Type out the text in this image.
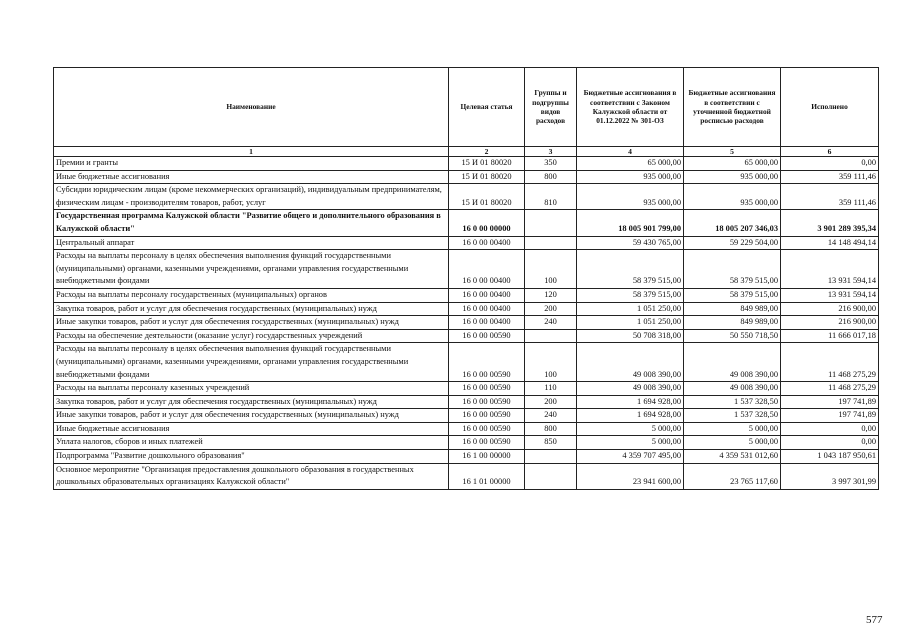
Наименование	Целевая статья	Группы и подгруппы видов расходов	Бюджетные ассигнования в соответствии с Законом Калужской области от 01.12.2022 № 301-ОЗ	Бюджетные ассигнования в соответствии с уточненной бюджетной росписью расходов	Исполнено
1	2	3	4	5	6
Премии и гранты	15 И 01 80020	350	65 000,00	65 000,00	0,00
Иные бюджетные ассигнования	15 И 01 80020	800	935 000,00	935 000,00	359 111,46
Субсидии юридическим лицам (кроме некоммерческих организаций), индивидуальным предпринимателям, физическим лицам - производителям товаров, работ, услуг	15 И 01 80020	810	935 000,00	935 000,00	359 111,46
Государственная программа Калужской области "Развитие общего и дополнительного образования в Калужской области"	16 0 00 00000		18 005 901 799,00	18 005 207 346,03	3 901 289 395,34
Центральный аппарат	16 0 00 00400		59 430 765,00	59 229 504,00	14 148 494,14
Расходы на выплаты персоналу в целях обеспечения выполнения функций государственными (муниципальными) органами, казенными учреждениями, органами управления государственными внебюджетными фондами	16 0 00 00400	100	58 379 515,00	58 379 515,00	13 931 594,14
Расходы на выплаты персоналу государственных (муниципальных) органов	16 0 00 00400	120	58 379 515,00	58 379 515,00	13 931 594,14
Закупка товаров, работ и услуг для обеспечения государственных (муниципальных) нужд	16 0 00 00400	200	1 051 250,00	849 989,00	216 900,00
Иные закупки товаров, работ и услуг для обеспечения государственных (муниципальных) нужд	16 0 00 00400	240	1 051 250,00	849 989,00	216 900,00
Расходы на обеспечение деятельности (оказание услуг) государственных учреждений	16 0 00 00590		50 708 318,00	50 550 718,50	11 666 017,18
Расходы на выплаты персоналу в целях обеспечения выполнения функций государственными (муниципальными) органами, казенными учреждениями, органами управления государственными внебюджетными фондами	16 0 00 00590	100	49 008 390,00	49 008 390,00	11 468 275,29
Расходы на выплаты персоналу казенных учреждений	16 0 00 00590	110	49 008 390,00	49 008 390,00	11 468 275,29
Закупка товаров, работ и услуг для обеспечения государственных (муниципальных) нужд	16 0 00 00590	200	1 694 928,00	1 537 328,50	197 741,89
Иные закупки товаров, работ и услуг для обеспечения государственных (муниципальных) нужд	16 0 00 00590	240	1 694 928,00	1 537 328,50	197 741,89
Иные бюджетные ассигнования	16 0 00 00590	800	5 000,00	5 000,00	0,00
Уплата налогов, сборов и иных платежей	16 0 00 00590	850	5 000,00	5 000,00	0,00
Подпрограмма "Развитие дошкольного образования"	16 1 00 00000		4 359 707 495,00	4 359 531 012,60	1 043 187 950,61
Основное мероприятие "Организация предоставления дошкольного образования в государственных дошкольных образовательных организациях Калужской области"	16 1 01 00000		23 941 600,00	23 765 117,60	3 997 301,99
577
